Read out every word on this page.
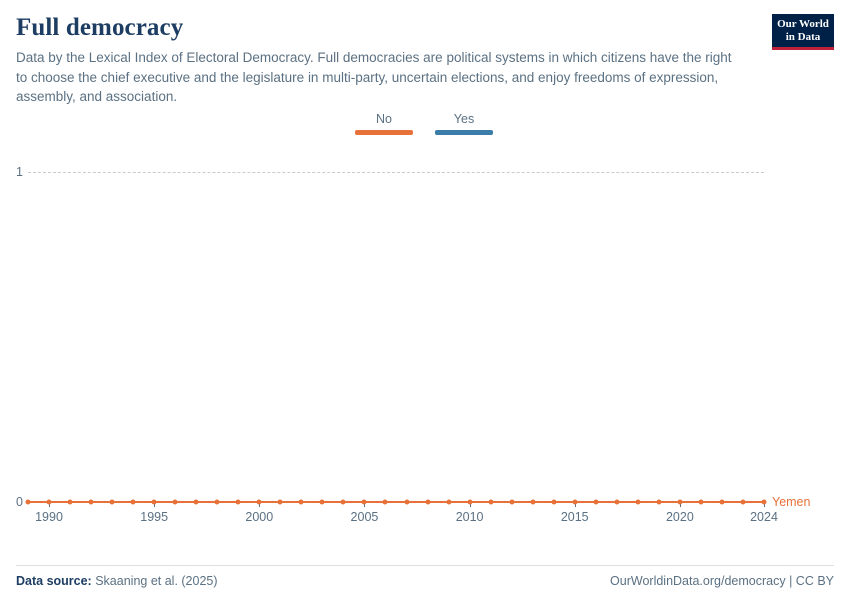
Full democracy

Data by the Lexical Index of Electoral Democracy. Full democracies are political systems in which citizens have the right to choose the chief executive and the legislature in multi-party, uncertain elections, and enjoy freedoms of expression, assembly, and association.

Our World
in Data
No	Yes
0
1
1990	1995	2000	2005	2010	2015	2020	2024
Yemen
Data source: Skaaning et al. (2025)	OurWorldinData.org/democracy | CC BY
